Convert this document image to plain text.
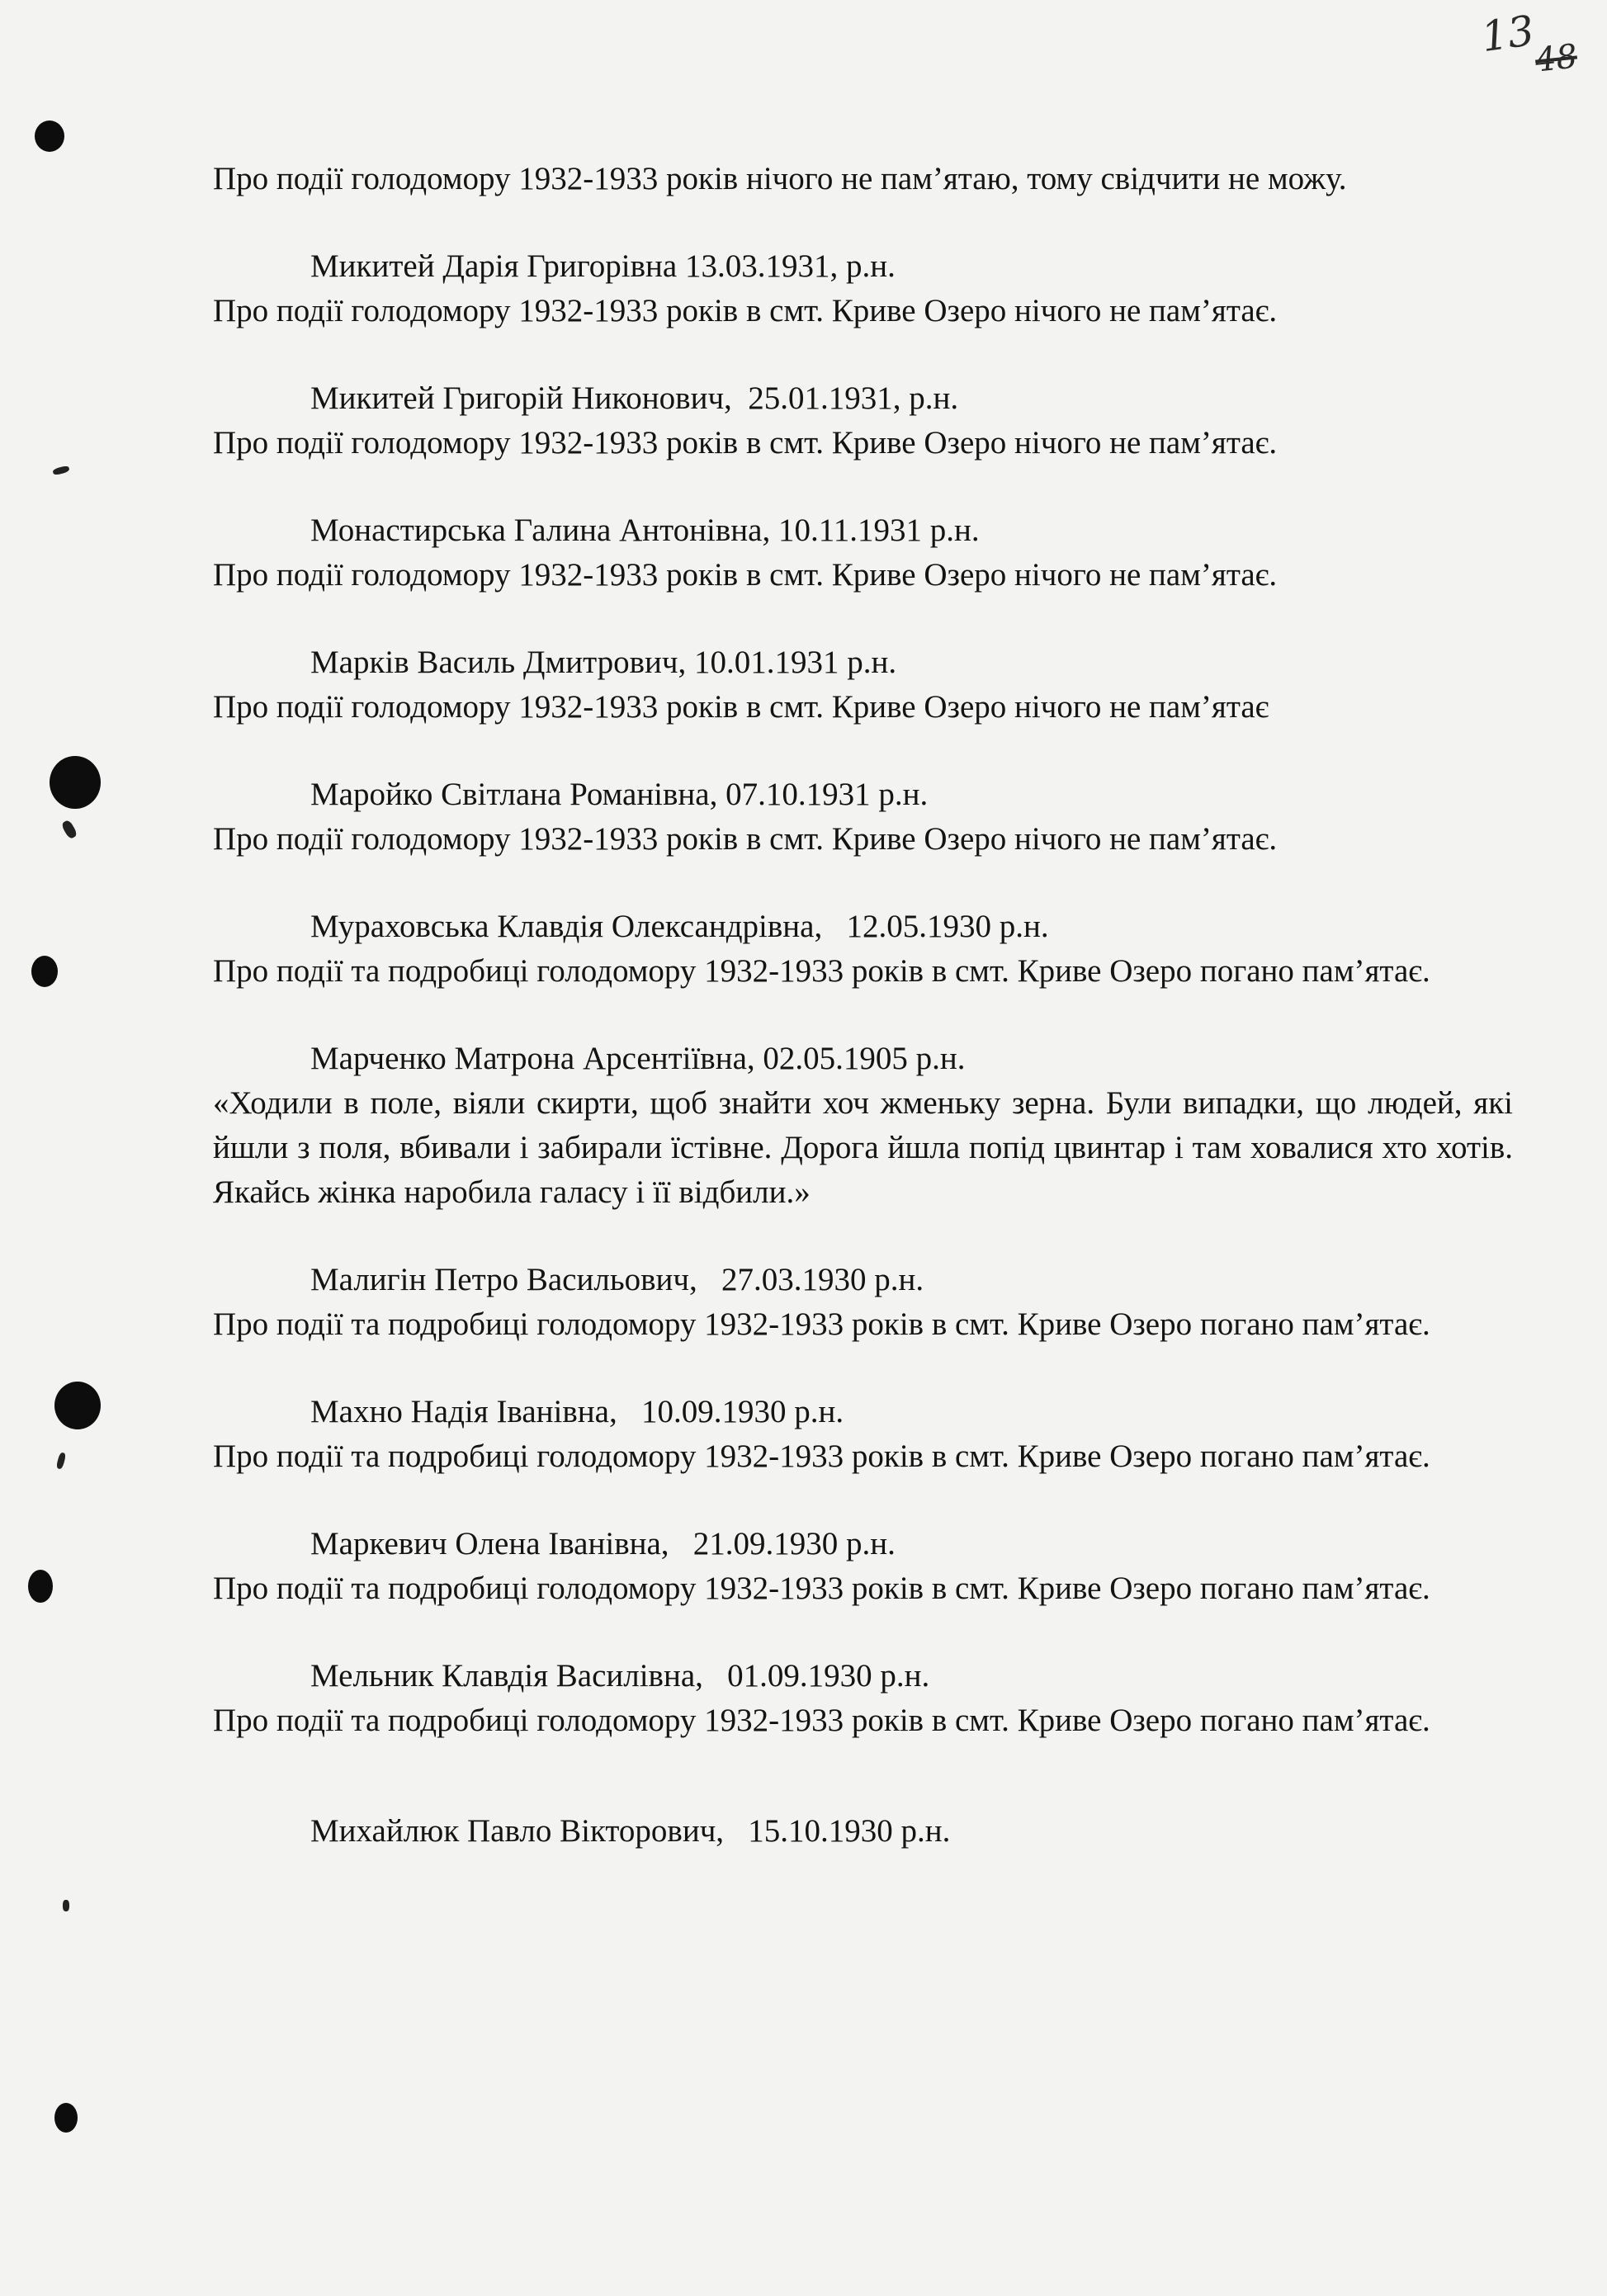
13
48

Про події голодомору 1932-1933 років нічого не пам’ятаю, тому свідчити не можу.

Микитей Дарія Григорівна 13.03.1931, р.н.

Про події голодомору 1932-1933 років в смт. Криве Озеро нічого не пам’ятає.

Микитей Григорій Никонович,  25.01.1931, р.н.

Про події голодомору 1932-1933 років в смт. Криве Озеро нічого не пам’ятає.

Монастирська Галина Антонівна, 10.11.1931 р.н.

Про події голодомору 1932-1933 років в смт. Криве Озеро нічого не пам’ятає.

Марків Василь Дмитрович, 10.01.1931 р.н.

Про події голодомору 1932-1933 років в смт. Криве Озеро нічого не пам’ятає

Маройко Світлана Романівна, 07.10.1931 р.н.

Про події голодомору 1932-1933 років в смт. Криве Озеро нічого не пам’ятає.

Мураховська Клавдія Олександрівна,   12.05.1930 р.н.

Про події та подробиці голодомору 1932-1933 років в смт. Криве Озеро погано пам’ятає.

Марченко Матрона Арсентіївна, 02.05.1905 р.н.

«Ходили в поле, віяли скирти, щоб знайти хоч жменьку зерна. Були випадки, що людей, які йшли з поля, вбивали і забирали їстівне. Дорога йшла попід цвинтар і там ховалися хто хотів. Якайсь жінка наробила галасу і її відбили.»

Малигін Петро Васильович,   27.03.1930 р.н.

Про події та подробиці голодомору 1932-1933 років в смт. Криве Озеро погано пам’ятає.

Махно Надія Іванівна,   10.09.1930 р.н.

Про події та подробиці голодомору 1932-1933 років в смт. Криве Озеро погано пам’ятає.

Маркевич Олена Іванівна,   21.09.1930 р.н.

Про події та подробиці голодомору 1932-1933 років в смт. Криве Озеро погано пам’ятає.

Мельник Клавдія Василівна,   01.09.1930 р.н.

Про події та подробиці голодомору 1932-1933 років в смт. Криве Озеро погано пам’ятає.

Михайлюк Павло Вікторович,   15.10.1930 р.н.
